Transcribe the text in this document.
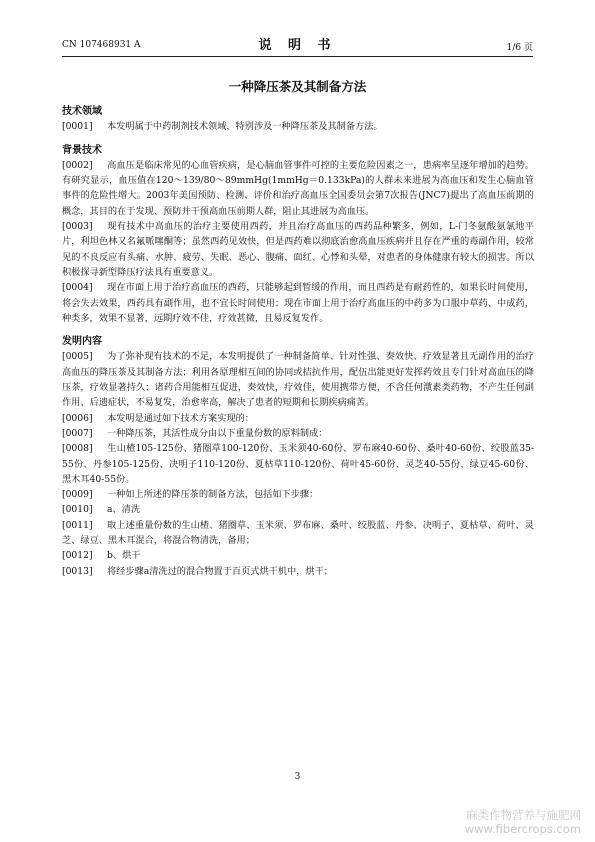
CN 107468931 A	说 明 书	1/6 页
一种降压茶及其制备方法
技术领域

[0001] 本发明属于中药制剂技术领域，特别涉及一种降压茶及其制备方法。

背景技术

[0002] 高血压是临床常见的心血管疾病，是心脑血管事件可控的主要危险因素之一，患病率呈逐年增加的趋势。有研究显示，血压值在120～139/80～89mmHg(1mmHg＝0.133kPa)的人群未来进展为高血压和发生心脑血管事件的危险性增大。2003年美国预防、检测、评价和治疗高血压全国委员会第7次报告(JNC7)提出了高血压前期的概念，其目的在于发现、预防并干预高血压前期人群，阻止其进展为高血压。

[0003] 现有技术中高血压的治疗主要使用西药，并且治疗高血压的西药品种繁多，例如，L-门冬氨酸氨氯地平片，利坦色林又名氟哌噻酮等；虽然西药见效快，但是西药难以彻底治愈高血压疾病并且存在严重的毒副作用，较常见的不良反应有头痛、水肿、疲劳、失眠、恶心、腹痛、面红、心悸和头晕，对患者的身体健康有较大的损害。所以积极探寻新型降压疗法具有重要意义。

[0004] 现在市面上用于治疗高血压的西药，只能够起到暂缓的作用，而且西药是有耐药性的，如果长时间使用，将会失去效果，西药具有副作用，也不宜长时间使用；现在市面上用于治疗高血压的中药多为口服中草药、中成药，种类多，效果不显著，远期疗效不佳，疗效甚微，且易反复发作。

发明内容

[0005] 为了弥补现有技术的不足，本发明提供了一种制备简单、针对性强、奏效快、疗效显著且无副作用的治疗高血压的降压茶及其制备方法；利用各原理相互间的协同或拮抗作用，配伍出能更好发挥药效且专门针对高血压的降压茶，疗效显著持久；诸药合用能相互促进，奏效快，疗效佳，使用携带方便，不含任何激素类药物，不产生任何副作用、后遗症状，不易复发，治愈率高，解决了患者的短期和长期疾病痛苦。

[0006] 本发明是通过如下技术方案实现的：

[0007] 一种降压茶，其活性成分由以下重量份数的原料制成：

[0008] 生山楂105-125份、猪圈草100-120份、玉米须40-60份、罗布麻40-60份、桑叶40-60份、绞股蓝35-55份、丹参105-125份、决明子110-120份、夏枯草110-120份、荷叶45-60份、灵芝40-55份、绿豆45-60份、黑木耳40-55份。

[0009] 一种如上所述的降压茶的制备方法，包括如下步骤：

[0010] a、清洗

[0011] 取上述重量份数的生山楂、猪圈草、玉米须、罗布麻、桑叶、绞股蓝、丹参、决明子、夏枯草、荷叶、灵芝、绿豆、黑木耳混合，将混合物清洗，备用；

[0012] b、烘干

[0013] 将经步骤a清洗过的混合物置于百页式烘干机中，烘干；

3
麻类作物营养与施肥网
www.fibercrops.com
